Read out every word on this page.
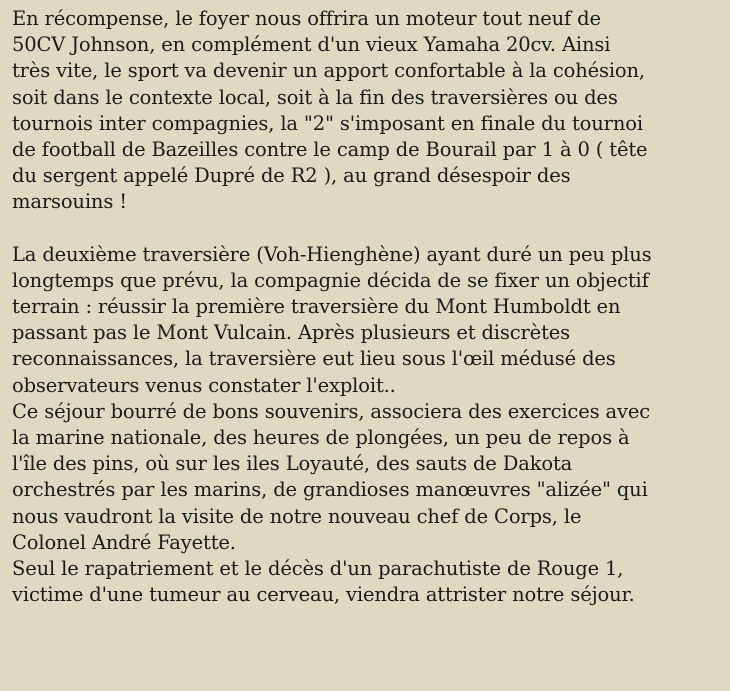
En récompense, le foyer nous offrira un moteur tout neuf de
50CV Johnson, en complément d'un vieux Yamaha 20cv. Ainsi
très vite, le sport va devenir un apport confortable à la cohésion,
soit dans le contexte local, soit à la fin des traversières ou des
tournois inter compagnies, la "2" s'imposant en finale du tournoi
de football de Bazeilles contre le camp de Bourail par 1 à 0 ( tête
du sergent appelé Dupré de R2 ), au grand désespoir des
marsouins !

La deuxième traversière (Voh-Hienghène) ayant duré un peu plus
longtemps que prévu, la compagnie décida de se fixer un objectif
terrain : réussir la première traversière du Mont Humboldt en
passant pas le Mont Vulcain. Après plusieurs et discrètes
reconnaissances, la traversière eut lieu sous l'œil médusé des
observateurs venus constater l'exploit..
Ce séjour bourré de bons souvenirs, associera des exercices avec
la marine nationale, des heures de plongées, un peu de repos à
l'île des pins, où sur les iles Loyauté, des sauts de Dakota
orchestrés par les marins, de grandioses manœuvres "alizée" qui
nous vaudront la visite de notre nouveau chef de Corps, le
Colonel André Fayette.
Seul le rapatriement et le décès d'un parachutiste de Rouge 1,
victime d'une tumeur au cerveau, viendra attrister notre séjour.
